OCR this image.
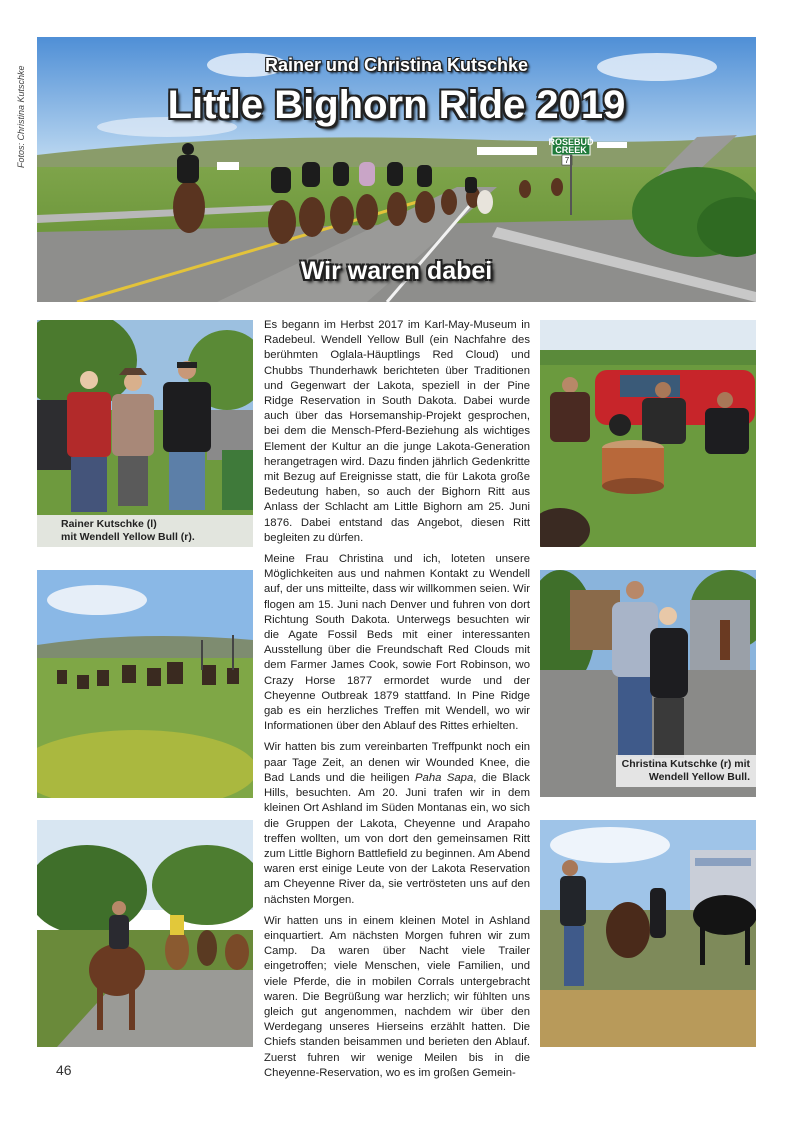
Fotos: Christina Kutschke	ROSEBUD
CREEK
7
Rainer und Christina Kutschke
Little Bighorn Ride 2019
Wir waren dabei
Rainer Kutschke (l)
mit Wendell Yellow Bull (r).
Christina Kutschke (r) mit
Wendell Yellow Bull.

Es begann im Herbst 2017 im Karl-May-Museum in Radebeul. Wendell Yellow Bull (ein Nachfahre des berühmten Oglala-Häuptlings Red Cloud) und Chubbs Thunderhawk berichteten über Traditionen und Gegenwart der Lakota, speziell in der Pine Ridge Reservation in South Dakota. Dabei wurde auch über das Horsemanship-Projekt gesprochen, bei dem die Mensch-Pferd-Beziehung als wichtiges Element der Kultur an die junge Lakota-Generation herangetragen wird. Dazu finden jährlich Gedenkritte mit Bezug auf Ereignisse statt, die für Lakota große Bedeutung haben, so auch der Bighorn Ritt aus Anlass der Schlacht am Little Bighorn am 25. Juni 1876. Dabei entstand das Angebot, diesen Ritt begleiten zu dürfen.

Meine Frau Christina und ich, loteten unsere Möglichkeiten aus und nahmen Kontakt zu Wendell auf, der uns mitteilte, dass wir willkommen seien. Wir flogen am 15. Juni nach Denver und fuhren von dort Richtung South Dakota. Unterwegs besuchten wir die Agate Fossil Beds mit einer interessanten Ausstellung über die Freundschaft Red Clouds mit dem Farmer James Cook, sowie Fort Robinson, wo Crazy Horse 1877 ermordet wurde und der Cheyenne Outbreak 1879 stattfand. In Pine Ridge gab es ein herzliches Treffen mit Wendell, wo wir Informationen über den Ablauf des Rittes erhielten.

Wir hatten bis zum vereinbarten Treffpunkt noch ein paar Tage Zeit, an denen wir Wounded Knee, die Bad Lands und die heiligen Paha Sapa, die Black Hills, besuchten. Am 20. Juni trafen wir in dem kleinen Ort Ashland im Süden Montanas ein, wo sich die Gruppen der Lakota, Cheyenne und Arapaho treffen wollten, um von dort den gemeinsamen Ritt zum Little Bighorn Battlefield zu beginnen. Am Abend waren erst einige Leute von der Lakota Reservation am Cheyenne River da, sie vertrösteten uns auf den nächsten Morgen.

Wir hatten uns in einem kleinen Motel in Ashland einquartiert. Am nächsten Morgen fuhren wir zum Camp. Da waren über Nacht viele Trailer eingetroffen; viele Menschen, viele Familien, und viele Pferde, die in mobilen Corrals untergebracht waren. Die Begrüßung war herzlich; wir fühlten uns gleich gut angenommen, nachdem wir über den Werdegang unseres Hierseins erzählt hatten. Die Chiefs standen beisammen und berieten den Ablauf. Zuerst fuhren wir wenige Meilen bis in die Cheyenne-Reservation, wo es im großen Gemein-

46
